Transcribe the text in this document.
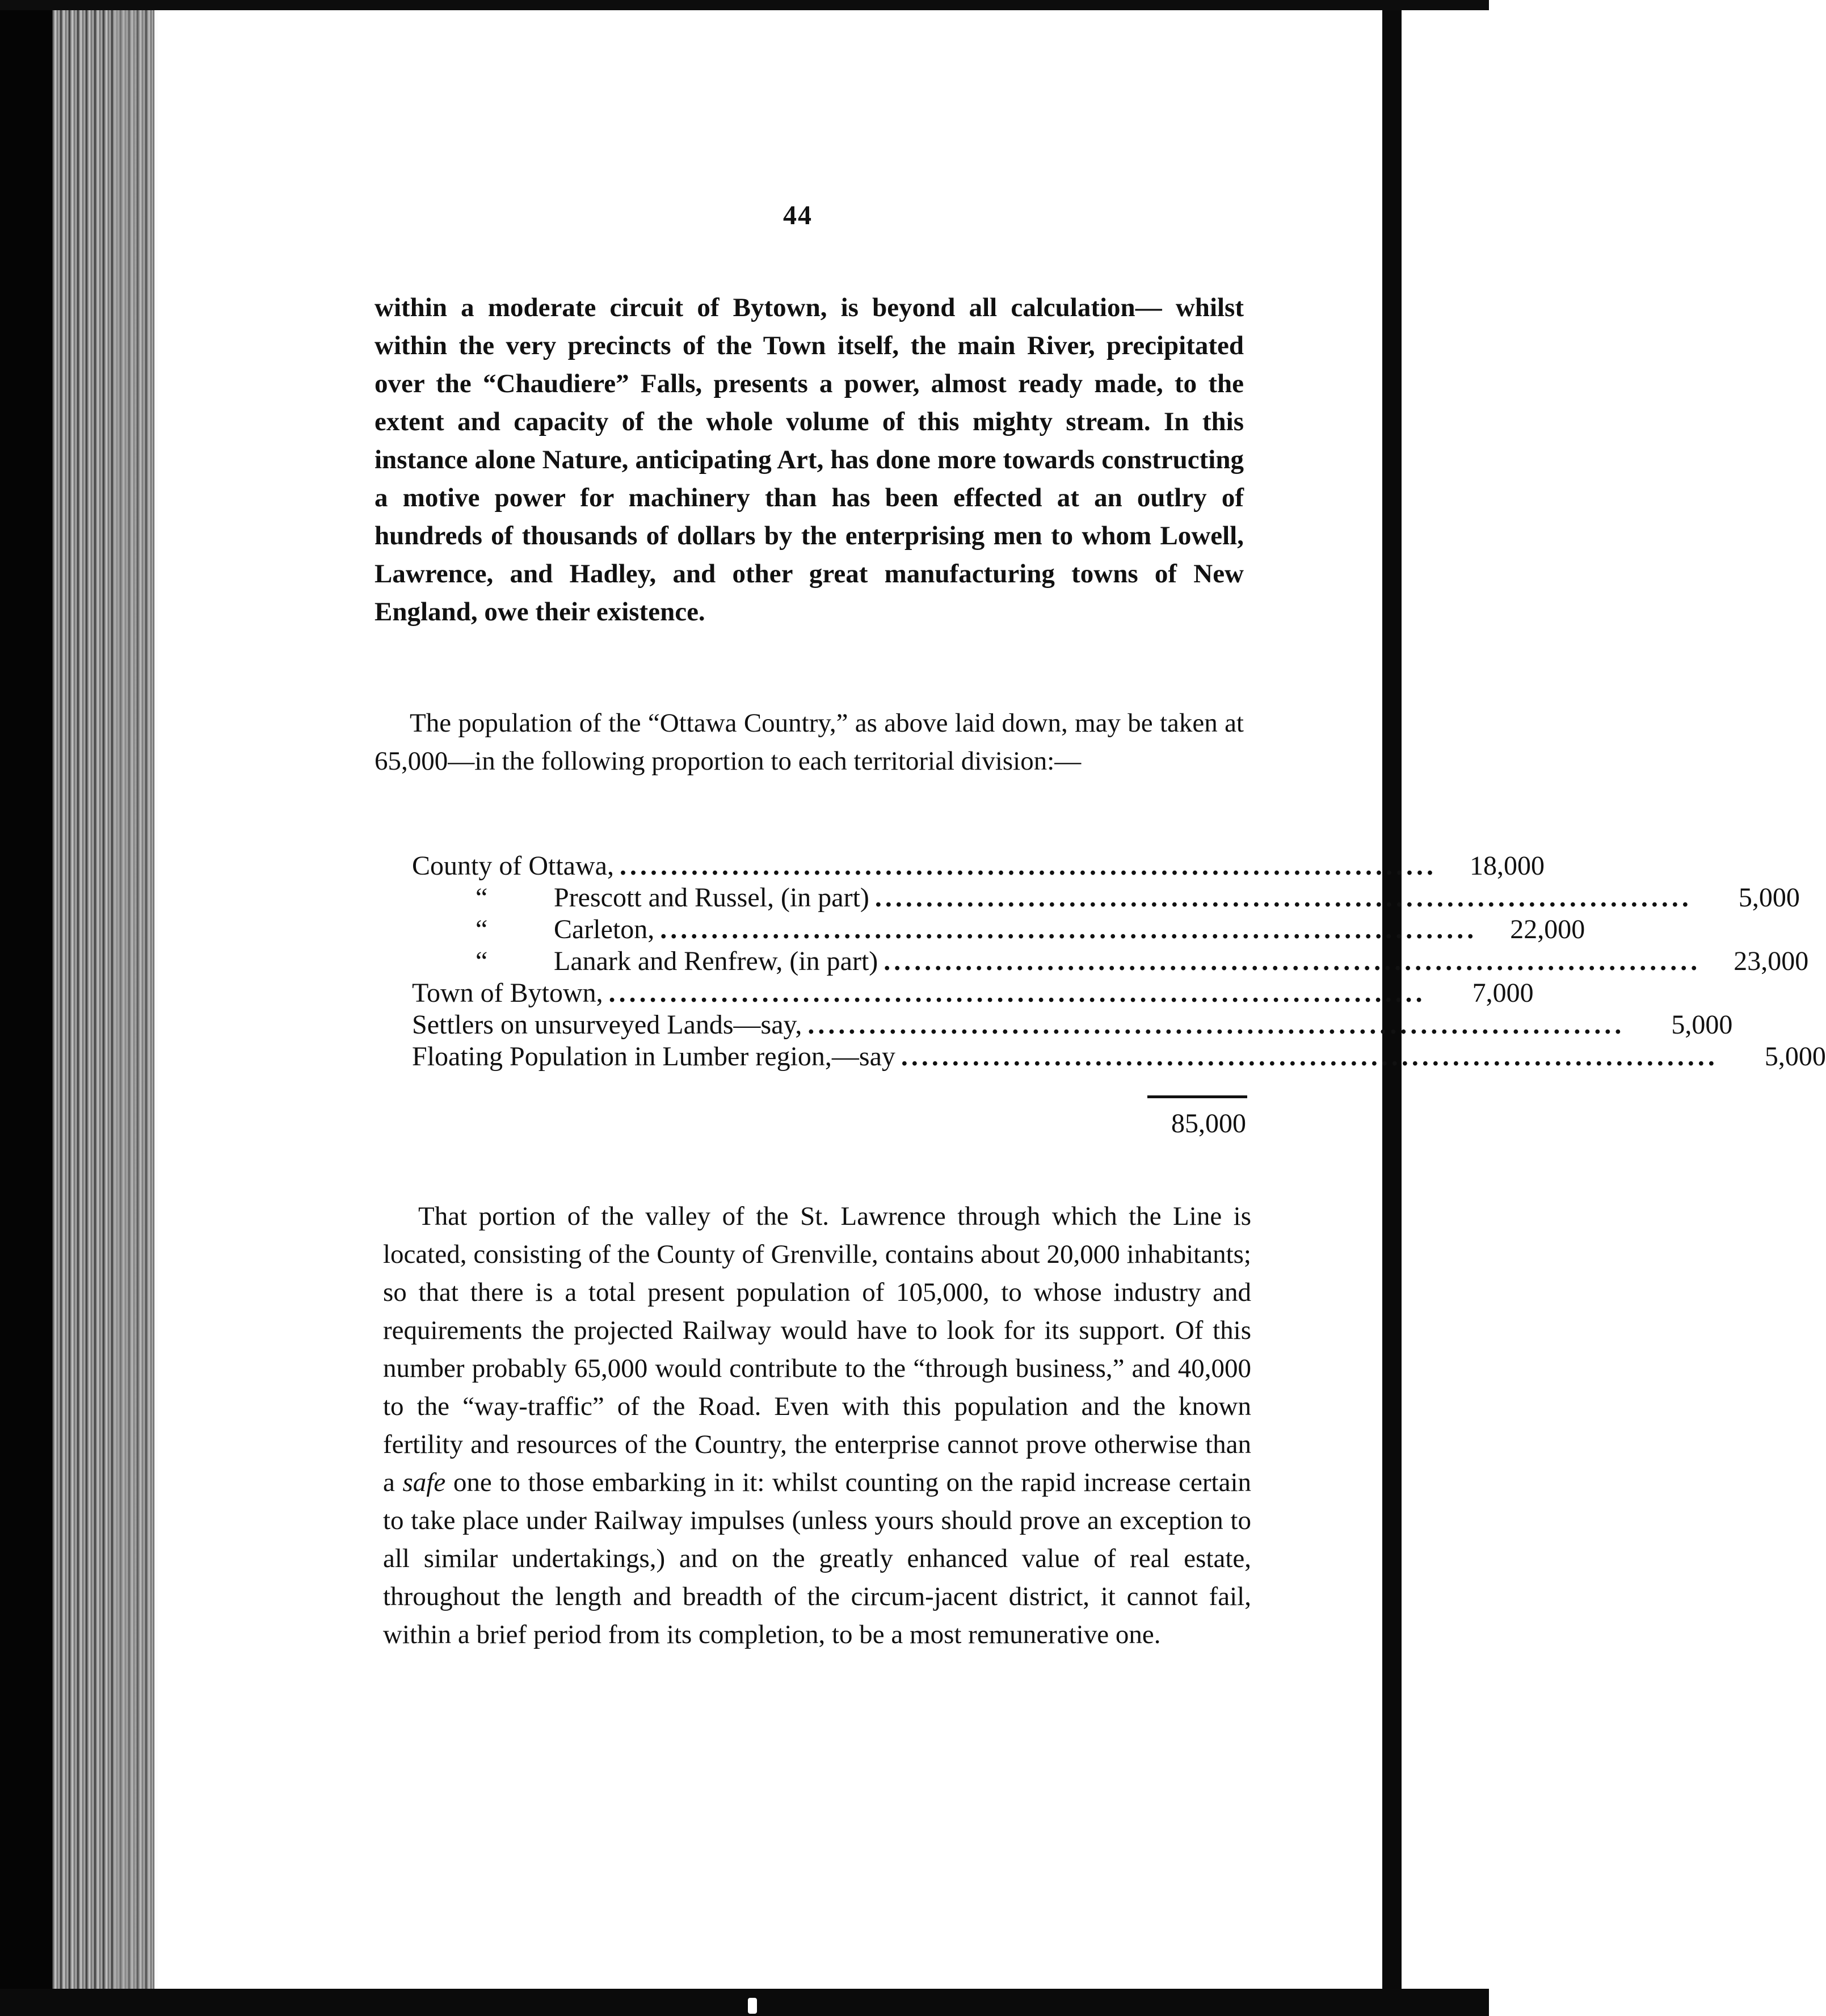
44

within a moderate circuit of Bytown, is beyond all calculation— whilst within the very precincts of the Town itself, the main River, precipitated over the “Chaudiere” Falls, presents a power, almost ready made, to the extent and capacity of the whole volume of this mighty stream. In this instance alone Nature, anticipating Art, has done more towards constructing a motive power for machinery than has been effected at an outlry of hundreds of thousands of dollars by the enterprising men to whom Lowell, Lawrence, and Hadley, and other great manufacturing towns of New England, owe their existence.

The population of the “Ottawa Country,” as above laid down, may be taken at 65,000—in the following proportion to each territorial division:—

County of Ottawa, ................................................................................	18,000
“	Prescott and Russel, (in part) ................................................................................	5,000
“	Carleton, ................................................................................	22,000
“	Lanark and Renfrew, (in part) ................................................................................	23,000
Town of Bytown, ................................................................................	7,000
Settlers on unsurveyed Lands—say, ................................................................................	5,000
Floating Population in Lumber region,—say ................................................................................	5,000
85,000

That portion of the valley of the St. Lawrence through which the Line is located, consisting of the County of Grenville, contains about 20,000 inhabitants; so that there is a total present population of 105,000, to whose industry and requirements the projected Railway would have to look for its support. Of this number probably 65,000 would contribute to the “through business,” and 40,000 to the “way-traffic” of the Road. Even with this population and the known fertility and resources of the Country, the enterprise cannot prove otherwise than a safe one to those embarking in it: whilst counting on the rapid increase certain to take place under Railway impulses (unless yours should prove an exception to all similar undertakings,) and on the greatly enhanced value of real estate, throughout the length and breadth of the circum-jacent district, it cannot fail, within a brief period from its completion, to be a most remunerative one.
